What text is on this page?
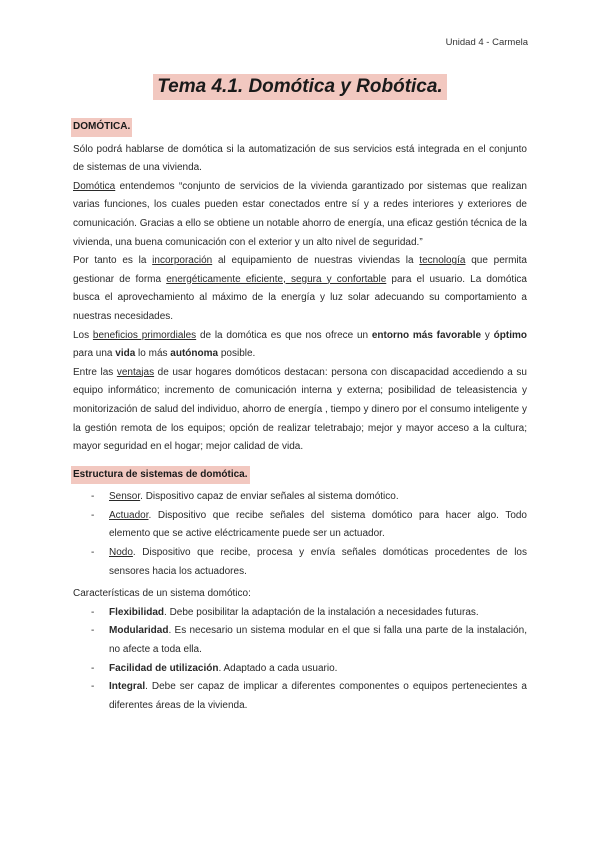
Unidad 4 - Carmela
Tema 4.1. Domótica y Robótica.
DOMÓTICA.

Sólo podrá hablarse de domótica si la automatización de sus servicios está integrada en el conjunto de sistemas de una vivienda.

Domótica entendemos “conjunto de servicios de la vivienda garantizado por sistemas que realizan varias funciones, los cuales pueden estar conectados entre sí y a redes interiores y exteriores de comunicación. Gracias a ello se obtiene un notable ahorro de energía, una eficaz gestión técnica de la vivienda, una buena comunicación con el exterior y un alto nivel de seguridad.”

Por tanto es la incorporación al equipamiento de nuestras viviendas la tecnología que permita gestionar de forma energéticamente eficiente, segura y confortable para el usuario. La domótica busca el aprovechamiento al máximo de la energía y luz solar adecuando su comportamiento a nuestras necesidades.

Los beneficios primordiales de la domótica es que nos ofrece un entorno más favorable y óptimo para una vida lo más autónoma posible.

Entre las ventajas de usar hogares domóticos destacan: persona con discapacidad accediendo a su equipo informático; incremento de comunicación interna y externa; posibilidad de teleasistencia y monitorización de salud del individuo, ahorro de energía , tiempo y dinero por el consumo inteligente y la gestión remota de los equipos; opción de realizar teletrabajo; mejor y mayor acceso a la cultura; mayor seguridad en el hogar; mejor calidad de vida.

Estructura de sistemas de domótica.
- Sensor. Dispositivo capaz de enviar señales al sistema domótico.
- Actuador. Dispositivo que recibe señales del sistema domótico para hacer algo. Todo elemento que se active eléctricamente puede ser un actuador.
- Nodo. Dispositivo que recibe, procesa y envía señales domóticas procedentes de los sensores hacia los actuadores.

Características de un sistema domótico:

- Flexibilidad. Debe posibilitar la adaptación de la instalación a necesidades futuras.
- Modularidad. Es necesario un sistema modular en el que si falla una parte de la instalación, no afecte a toda ella.
- Facilidad de utilización. Adaptado a cada usuario.
- Integral. Debe ser capaz de implicar a diferentes componentes o equipos pertenecientes a diferentes áreas de la vivienda.
